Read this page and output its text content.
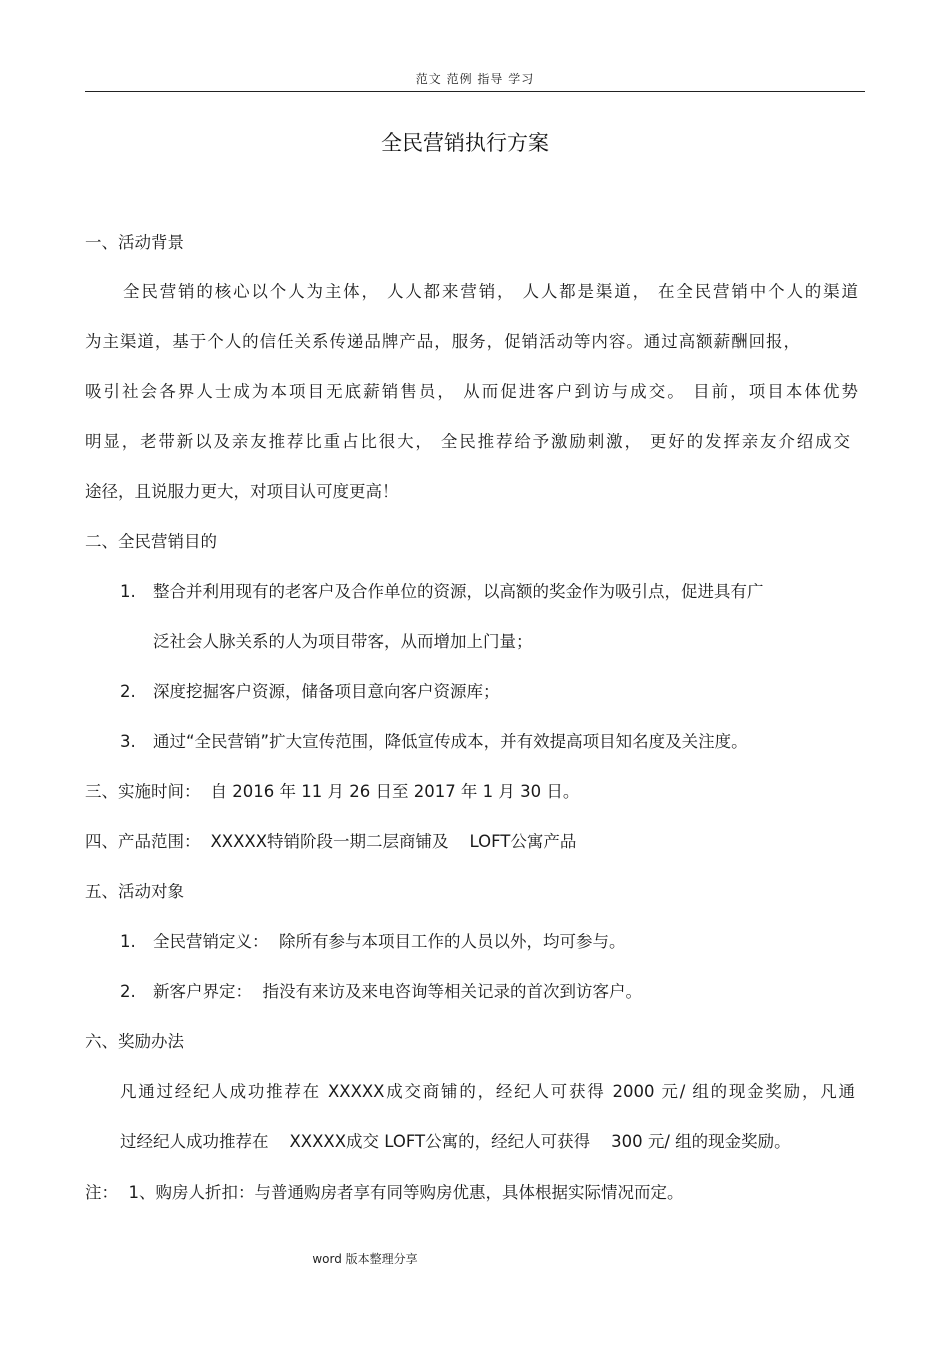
范文 范例 指导 学习
全民营销执行方案
一、活动背景
全民营销的核心以个人为主体， 人人都来营销， 人人都是渠道， 在全民营销中个人的渠道
为主渠道，基于个人的信任关系传递品牌产品，服务，促销活动等内容。通过高额薪酬回报，
吸引社会各界人士成为本项目无底薪销售员， 从而促进客户到访与成交。 目前，项目本体优势
明显，老带新以及亲友推荐比重占比很大， 全民推荐给予激励刺激， 更好的发挥亲友介绍成交
途径，且说服力更大，对项目认可度更高！
二、全民营销目的
1. 整合并利用现有的老客户及合作单位的资源，以高额的奖金作为吸引点，促进具有广
泛社会人脉关系的人为项目带客，从而增加上门量；
2. 深度挖掘客户资源，储备项目意向客户资源库；
3. 通过“全民营销”扩大宣传范围，降低宣传成本，并有效提高项目知名度及关注度。
三、实施时间： 自 2016 年 11 月 26 日至 2017 年 1 月 30 日。
四、产品范围： XXXXX特销阶段一期二层商铺及    LOFT公寓产品
五、活动对象
1. 全民营销定义：  除所有参与本项目工作的人员以外，均可参与。
2. 新客户界定：  指没有来访及来电咨询等相关记录的首次到访客户。
六、奖励办法
凡通过经纪人成功推荐在 XXXXX成交商铺的，经纪人可获得 2000 元/ 组的现金奖励，凡通
过经纪人成功推荐在    XXXXX成交 LOFT公寓的，经纪人可获得    300 元/ 组的现金奖励。
注：  1、购房人折扣：与普通购房者享有同等购房优惠，具体根据实际情况而定。
word 版本整理分享
